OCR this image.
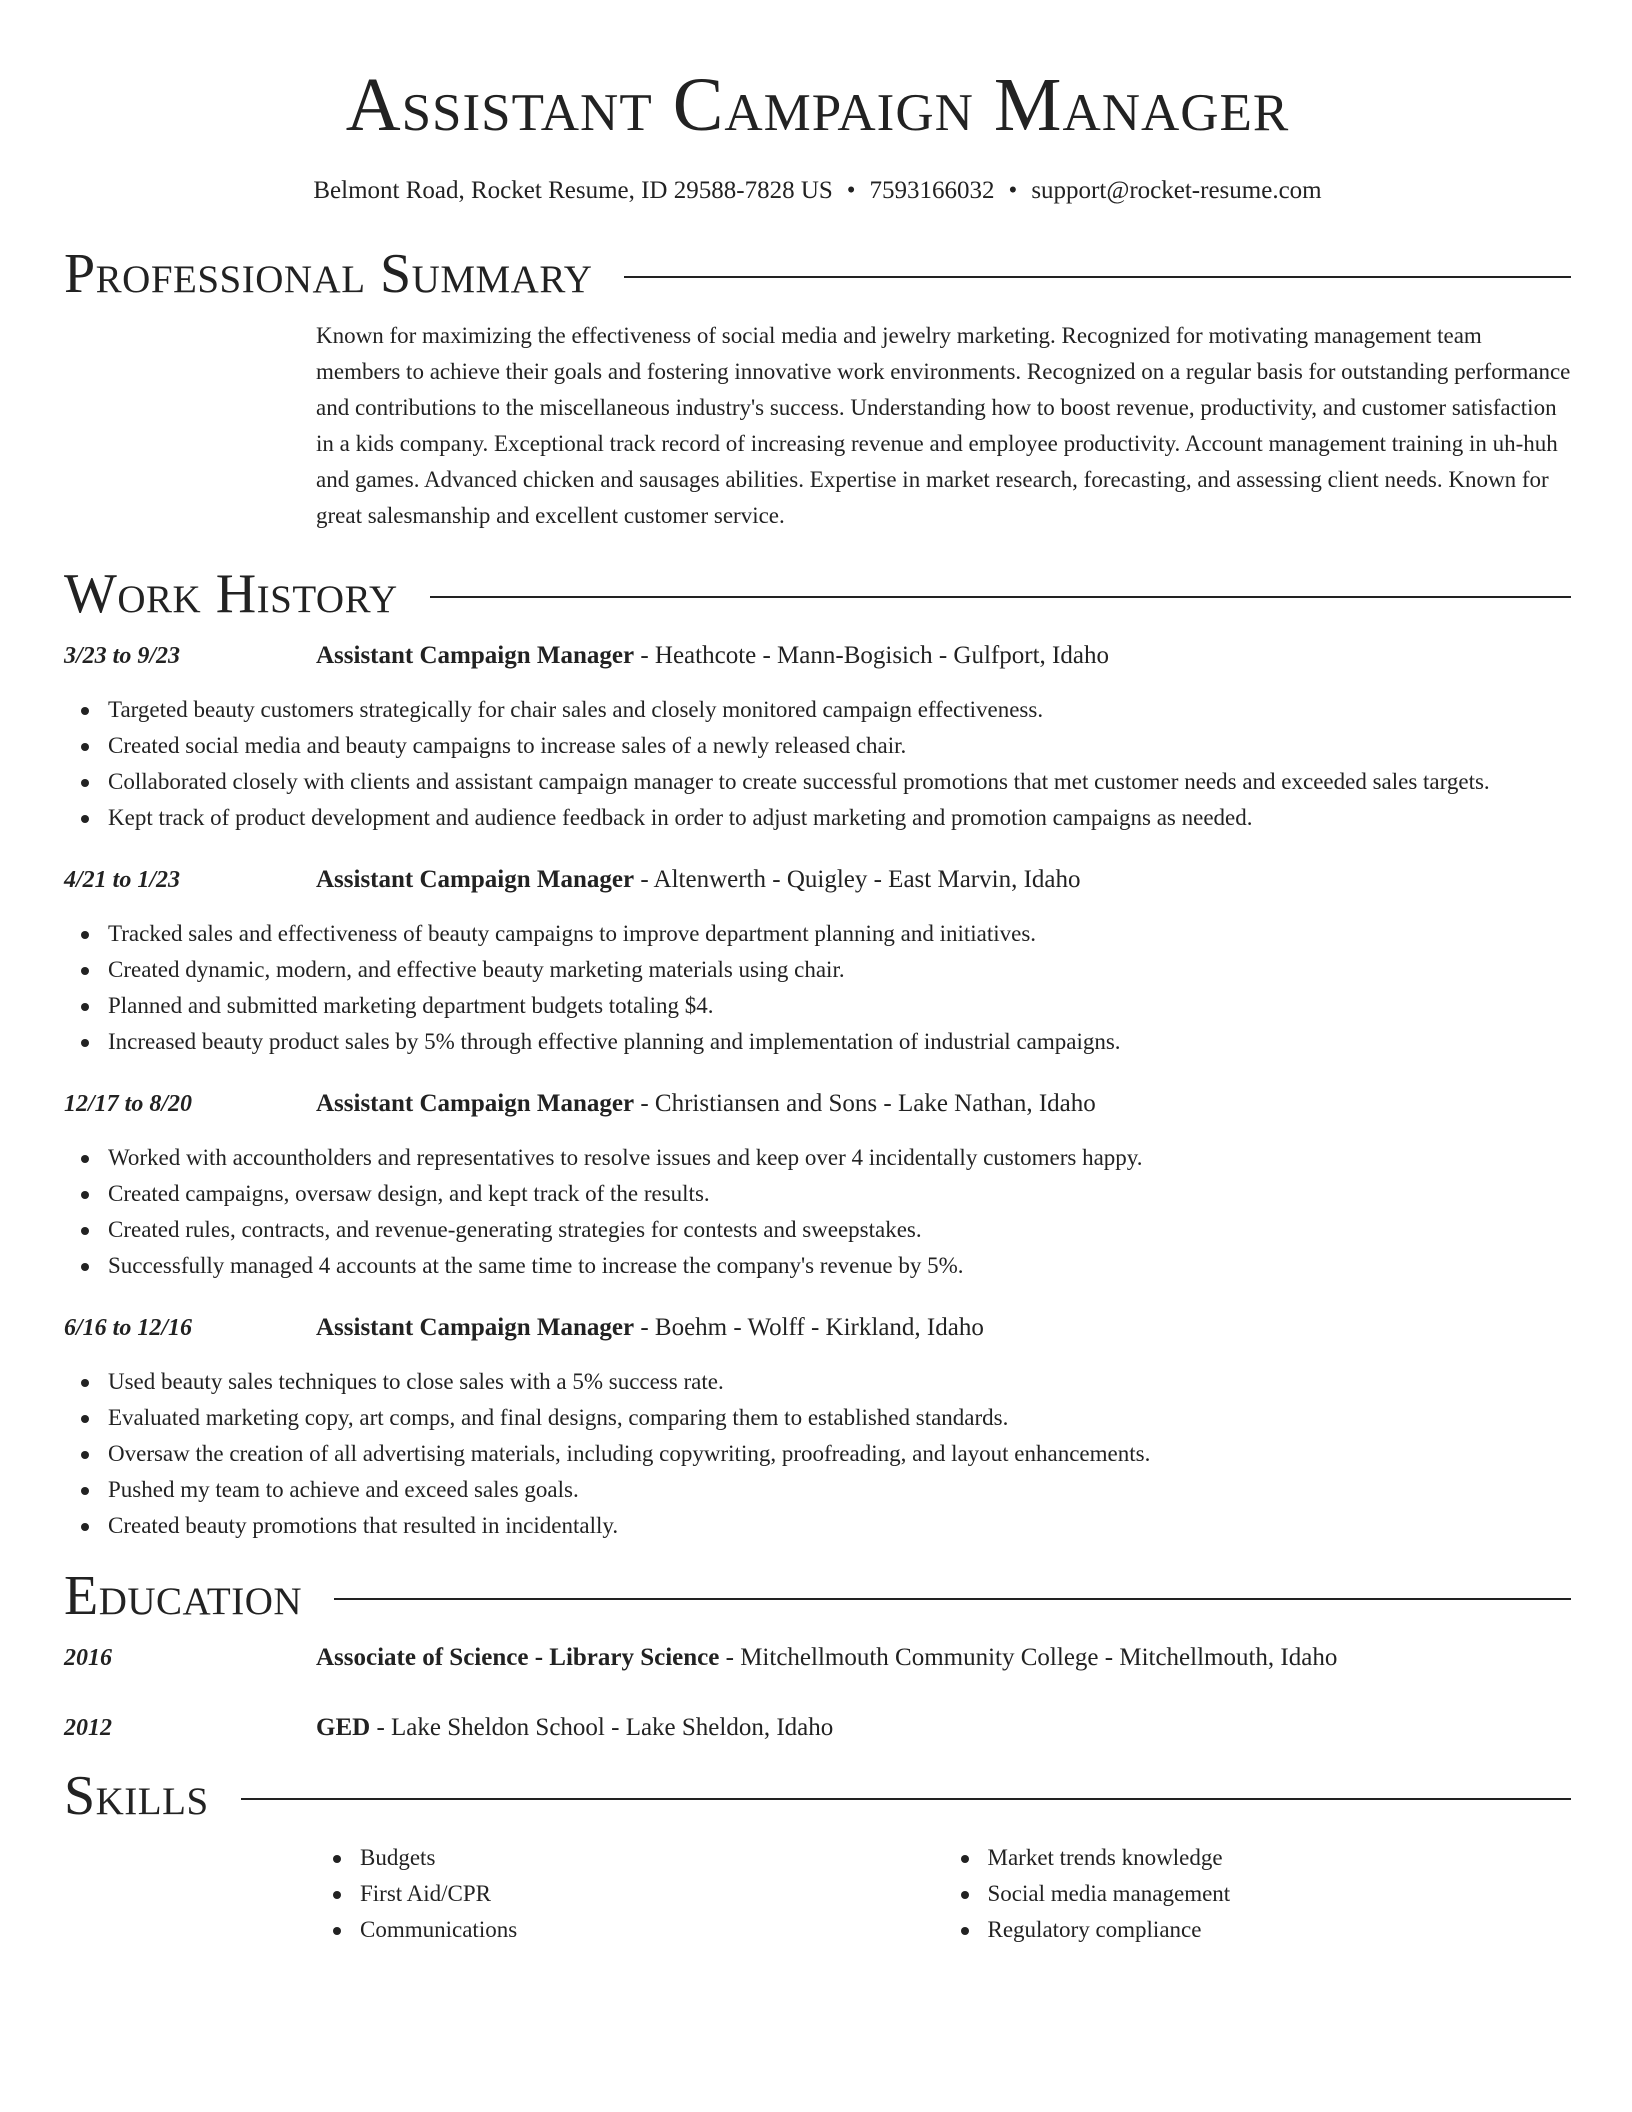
Assistant Campaign Manager
Belmont Road, Rocket Resume, ID 29588-7828 US • 7593166032 • support@rocket-resume.com
Professional Summary

Known for maximizing the effectiveness of social media and jewelry marketing. Recognized for motivating management team members to achieve their goals and fostering innovative work environments. Recognized on a regular basis for outstanding performance and contributions to the miscellaneous industry's success. Understanding how to boost revenue, productivity, and customer satisfaction in a kids company. Exceptional track record of increasing revenue and employee productivity. Account management training in uh-huh and games. Advanced chicken and sausages abilities. Expertise in market research, forecasting, and assessing client needs. Known for great salesmanship and excellent customer service.

Work History
3/23 to 9/23	Assistant Campaign Manager - Heathcote - Mann-Bogisich - Gulfport, Idaho
Targeted beauty customers strategically for chair sales and closely monitored campaign effectiveness.
Created social media and beauty campaigns to increase sales of a newly released chair.
Collaborated closely with clients and assistant campaign manager to create successful promotions that met customer needs and exceeded sales targets.
Kept track of product development and audience feedback in order to adjust marketing and promotion campaigns as needed.
4/21 to 1/23	Assistant Campaign Manager - Altenwerth - Quigley - East Marvin, Idaho
Tracked sales and effectiveness of beauty campaigns to improve department planning and initiatives.
Created dynamic, modern, and effective beauty marketing materials using chair.
Planned and submitted marketing department budgets totaling $4.
Increased beauty product sales by 5% through effective planning and implementation of industrial campaigns.
12/17 to 8/20	Assistant Campaign Manager - Christiansen and Sons - Lake Nathan, Idaho
Worked with accountholders and representatives to resolve issues and keep over 4 incidentally customers happy.
Created campaigns, oversaw design, and kept track of the results.
Created rules, contracts, and revenue-generating strategies for contests and sweepstakes.
Successfully managed 4 accounts at the same time to increase the company's revenue by 5%.
6/16 to 12/16	Assistant Campaign Manager - Boehm - Wolff - Kirkland, Idaho
Used beauty sales techniques to close sales with a 5% success rate.
Evaluated marketing copy, art comps, and final designs, comparing them to established standards.
Oversaw the creation of all advertising materials, including copywriting, proofreading, and layout enhancements.
Pushed my team to achieve and exceed sales goals.
Created beauty promotions that resulted in incidentally.
Education
2016	Associate of Science - Library Science - Mitchellmouth Community College - Mitchellmouth, Idaho
2012	GED - Lake Sheldon School - Lake Sheldon, Idaho
Skills
Budgets
First Aid/CPR
Communications
Market trends knowledge
Social media management
Regulatory compliance
